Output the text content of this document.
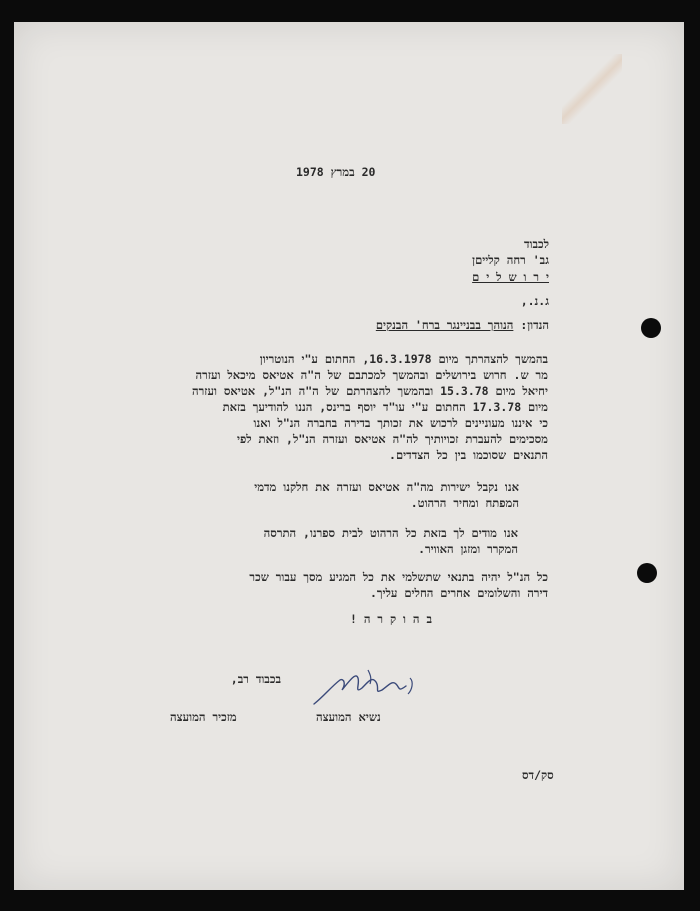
20 במרץ 1978
לכבוד
גב' רחה קלייםן
י ר ו ש ל י ם
ג.נ.,
הנדון: הנוהך בבניינגר ברח' הבנקים
בהמשך להצהרתך מיום 16.3.1978, החתום ע"י הנוטריון
מר ש. חרוש בירושלים ובהמשך למכתבם של ה"ה אטיאס מיכאל ועזרה
יחיאל מיום 15.3.78 ובהמשך להצהרתם של ה"ה הנ"ל, אטיאס ועזרה
מיום 17.3.78 החתום ע"י עו"ד יוסף ברינס, הננו להודיעך בזאת
כי איננו מעוניינים לרכוש את זכותך בדירה בחברה הנ"ל ואנו
מסכימים להעברת זכויותיך לה"ה אטיאס ועזרה הנ"ל, וזאת לפי
התנאים שסוכמו בין כל הצדדים.
אנו נקבל ישירות מה"ה אטיאס ועזרה את חלקנו מדמי
המפתח ומחיר הרהוט.
אנו מודים לך בזאת כל הרהוט לבית ספרנו, התרסה
המקרר ומזגן האוויר.
כל הנ"ל יהיה בתנאי שתשלמי את כל המגיע מסך עבור שכר
דירה והשלומים אחרים החלים עליך.
ב ה ו ק ר ה !
בכבוד רב,
נשיא המועצה
מזכיר המועצה
סק/דס
